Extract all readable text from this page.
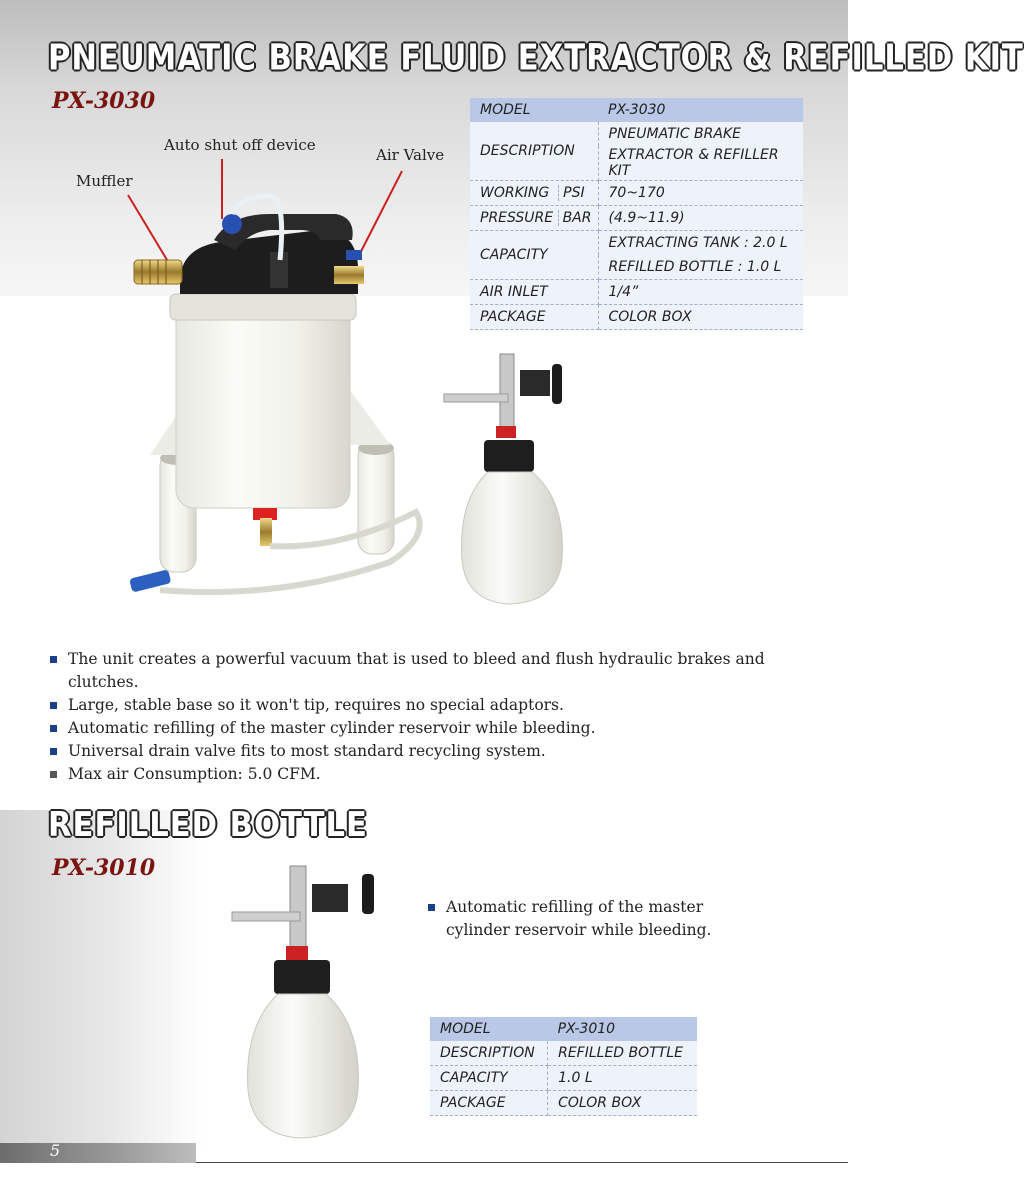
PNEUMATIC BRAKE FLUID EXTRACTOR & REFILLED KIT
PX-3030
Auto shut off device
Muffler
Air Valve
MODEL	PX-3030
DESCRIPTION	PNEUMATIC BRAKE
	EXTRACTOR & REFILLER KIT
WORKING PSI	70~170
PRESSURE BAR	(4.9~11.9)
CAPACITY	EXTRACTING TANK : 2.0 L
	REFILLED BOTTLE : 1.0 L
AIR INLET	1/4”
PACKAGE	COLOR BOX
The unit creates a powerful vacuum that is used to bleed and flush hydraulic brakes and clutches.
Large, stable base so it won't tip, requires no special adaptors.
Automatic refilling of the master cylinder reservoir while bleeding.
Universal drain valve fits to most standard recycling system.
Max air Consumption: 5.0 CFM.
REFILLED BOTTLE
PX-3010
Automatic refilling of the master
cylinder reservoir while bleeding.
MODEL	PX-3010
DESCRIPTION	REFILLED BOTTLE
CAPACITY	1.0 L
PACKAGE	COLOR BOX
5
